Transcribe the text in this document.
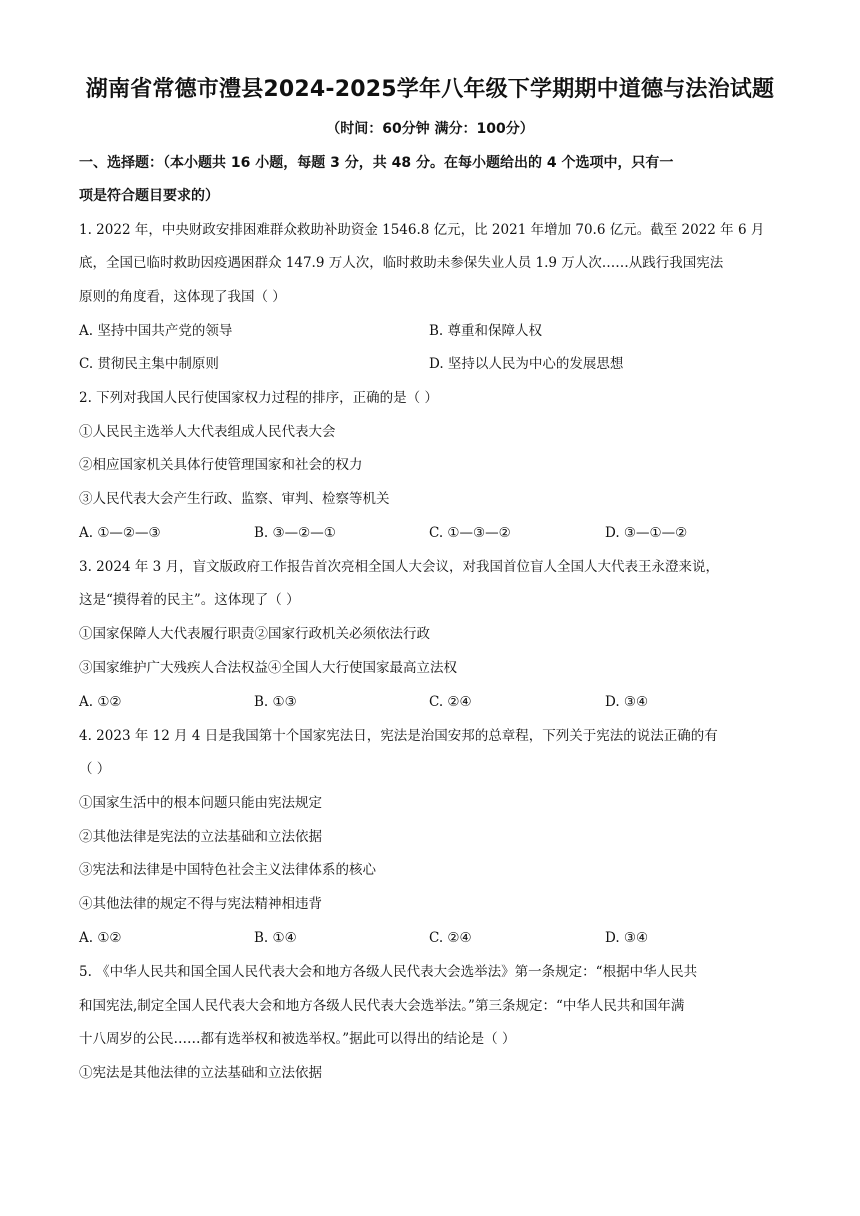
湖南省常德市澧县2024-2025学年八年级下学期期中道德与法治试题
（时间：60分钟 满分：100分）
一、选择题：（本小题共 16 小题，每题 3 分，共 48 分。在每小题给出的 4 个选项中，只有一
项是符合题目要求的）
1. 2022 年，中央财政安排困难群众救助补助资金 1546.8 亿元，比 2021 年增加 70.6 亿元。截至 2022 年 6 月
底，全国已临时救助因疫遇困群众 147.9 万人次，临时救助未参保失业人员 1.9 万人次……从践行我国宪法
原则的角度看，这体现了我国（ ）
A. 坚持中国共产党的领导	B. 尊重和保障人权
C. 贯彻民主集中制原则	D. 坚持以人民为中心的发展思想
2. 下列对我国人民行使国家权力过程的排序，正确的是（ ）
①人民民主选举人大代表组成人民代表大会
②相应国家机关具体行使管理国家和社会的权力
③人民代表大会产生行政、监察、审判、检察等机关
A. ①—②—③	B. ③—②—①	C. ①—③—②	D. ③—①—②
3. 2024 年 3 月，盲文版政府工作报告首次亮相全国人大会议，对我国首位盲人全国人大代表王永澄来说，
这是“摸得着的民主”。这体现了（ ）
①国家保障人大代表履行职责②国家行政机关必须依法行政
③国家维护广大残疾人合法权益④全国人大行使国家最高立法权
A. ①②	B. ①③	C. ②④	D. ③④
4. 2023 年 12 月 4 日是我国第十个国家宪法日，宪法是治国安邦的总章程，下列关于宪法的说法正确的有
（ ）
①国家生活中的根本问题只能由宪法规定
②其他法律是宪法的立法基础和立法依据
③宪法和法律是中国特色社会主义法律体系的核心
④其他法律的规定不得与宪法精神相违背
A. ①②	B. ①④	C. ②④	D. ③④
5. 《中华人民共和国全国人民代表大会和地方各级人民代表大会选举法》第一条规定：“根据中华人民共
和国宪法,制定全国人民代表大会和地方各级人民代表大会选举法。”第三条规定：“中华人民共和国年满
十八周岁的公民……都有选举权和被选举权。”据此可以得出的结论是（ ）
①宪法是其他法律的立法基础和立法依据
